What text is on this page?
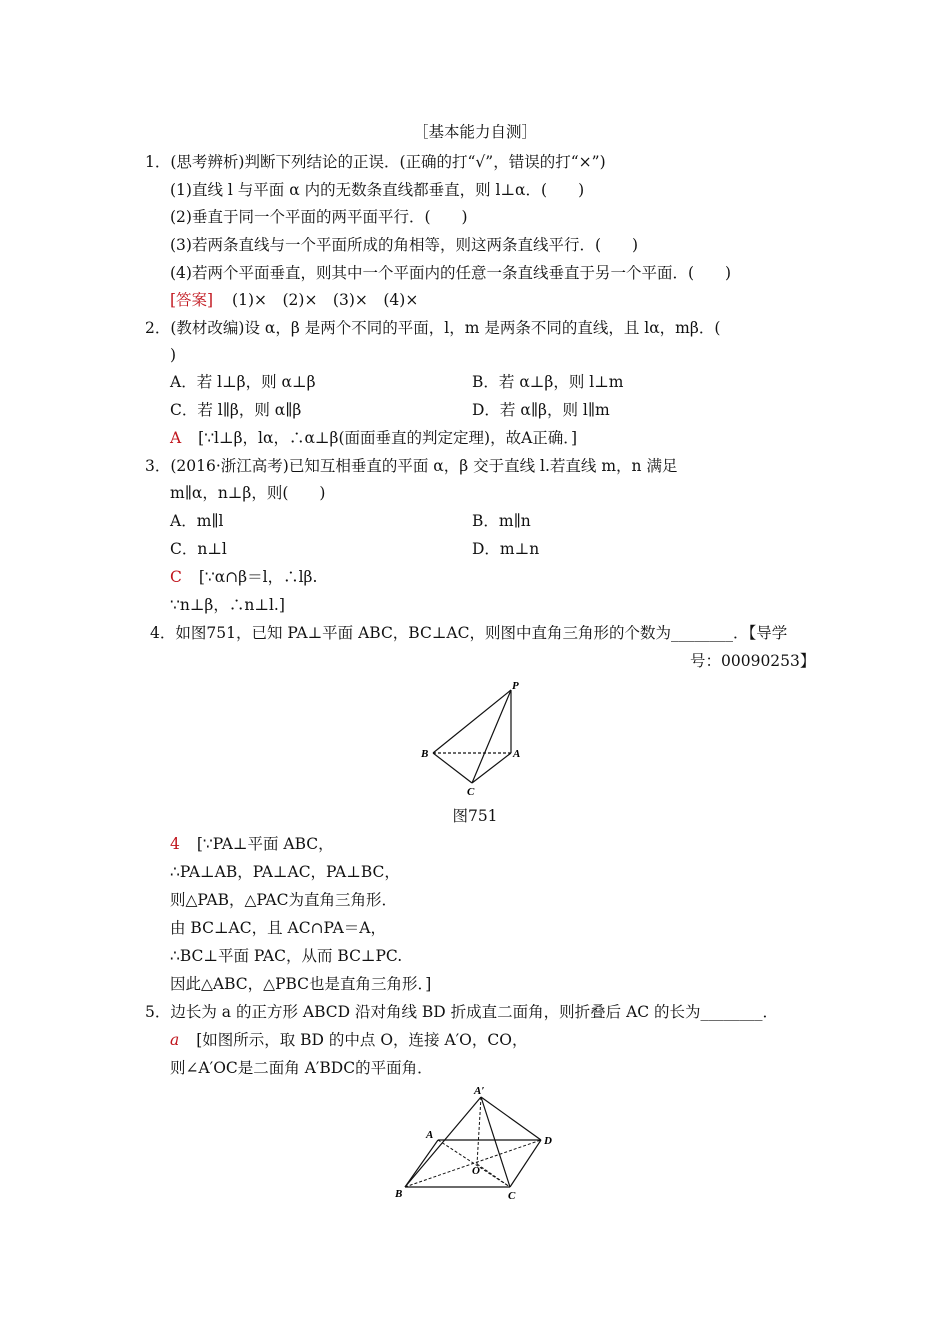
［基本能力自测］
1．(思考辨析)判断下列结论的正误．(正确的打“√”，错误的打“×”)
(1)直线 l 与平面 α 内的无数条直线都垂直，则 l⊥α．(　　)
(2)垂直于同一个平面的两平面平行．(　　)
(3)若两条直线与一个平面所成的角相等，则这两条直线平行．(　　)
(4)若两个平面垂直，则其中一个平面内的任意一条直线垂直于另一个平面．(　　)
[答案] (1)×　(2)×　(3)×　(4)×
2．(教材改编)设 α，β 是两个不同的平面，l，m 是两条不同的直线，且 lα，mβ．(
)
A．若 l⊥β，则 α⊥β	B．若 α⊥β，则 l⊥m
C．若 l∥β，则 α∥β	D．若 α∥β，则 l∥m
A [∵l⊥β，lα，∴α⊥β(面面垂直的判定定理)，故A正确．]
3．(2016·浙江高考)已知互相垂直的平面 α，β 交于直线 l.若直线 m，n 满足
m∥α，n⊥β，则(　　)
A．m∥l	B．m∥n
C．n⊥l	D．m⊥n
C [∵α∩β＝l，∴lβ.
∵n⊥β，∴n⊥l.]
4．如图751，已知 PA⊥平面 ABC，BC⊥AC，则图中直角三角形的个数为________．【导学
号：00090253】
P
B	A
C
图751
4 [∵PA⊥平面 ABC，
∴PA⊥AB，PA⊥AC，PA⊥BC，
则△PAB，△PAC为直角三角形．
由 BC⊥AC，且 AC∩PA＝A，
∴BC⊥平面 PAC，从而 BC⊥PC.
因此△ABC，△PBC也是直角三角形．]
5．边长为 a 的正方形 ABCD 沿对角线 BD 折成直二面角，则折叠后 AC 的长为________．
a [如图所示，取 BD 的中点 O，连接 A′O，CO，
则∠A′OC是二面角 A′BDC的平面角．
A′
A	D
O
B	C
